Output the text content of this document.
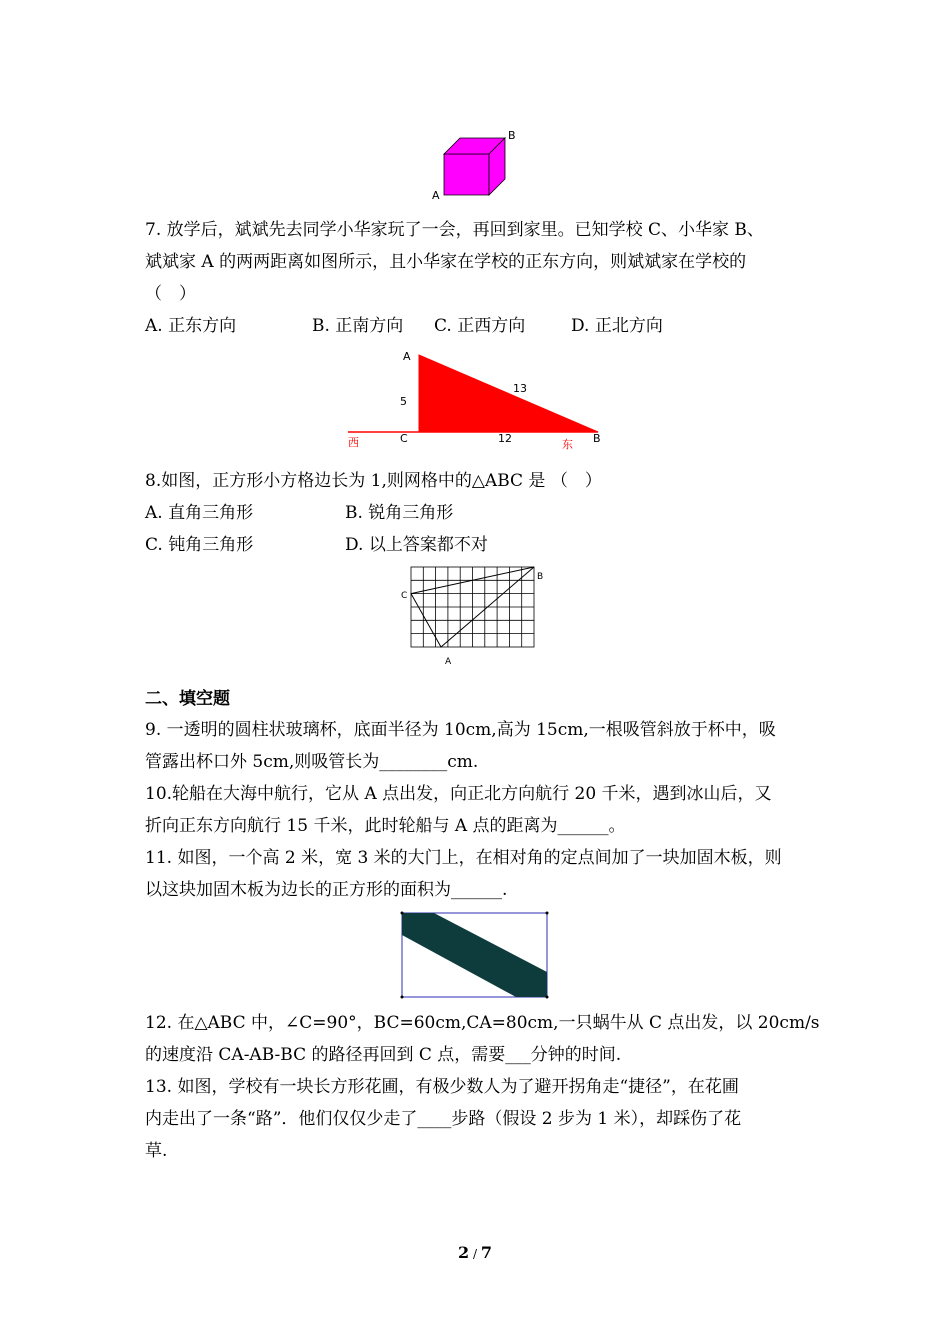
A
B
7. 放学后，斌斌先去同学小华家玩了一会，再回到家里。已知学校 C、小华家 B、
斌斌家 A 的两两距离如图所示，且小华家在学校的正东方向，则斌斌家在学校的
（　）
A. 正东方向	B. 正南方向 C. 正西方向	D. 正北方向
A
C	B
5
13
12
西	东
8.如图，正方形小方格边长为 1,则网格中的△ABC 是 （　）
A. 直角三角形	B. 锐角三角形
C. 钝角三角形	D. 以上答案都不对
C
B
A
二、填空题
9. 一透明的圆柱状玻璃杯，底面半径为 10cm,高为 15cm,一根吸管斜放于杯中，吸
管露出杯口外 5cm,则吸管长为________cm.
10.轮船在大海中航行，它从 A 点出发，向正北方向航行 20 千米，遇到冰山后，又
折向正东方向航行 15 千米，此时轮船与 A 点的距离为______。
11. 如图，一个高 2 米，宽 3 米的大门上，在相对角的定点间加了一块加固木板，则
以这块加固木板为边长的正方形的面积为______.
12. 在△ABC 中，∠C=90°，BC=60cm,CA=80cm,一只蜗牛从 C 点出发，以 20cm/s
的速度沿 CA-AB-BC 的路径再回到 C 点，需要___分钟的时间.
13. 如图，学校有一块长方形花圃，有极少数人为了避开拐角走“捷径”，在花圃
内走出了一条“路”．他们仅仅少走了____步路（假设 2 步为 1 米），却踩伤了花
草.
2 / 7
